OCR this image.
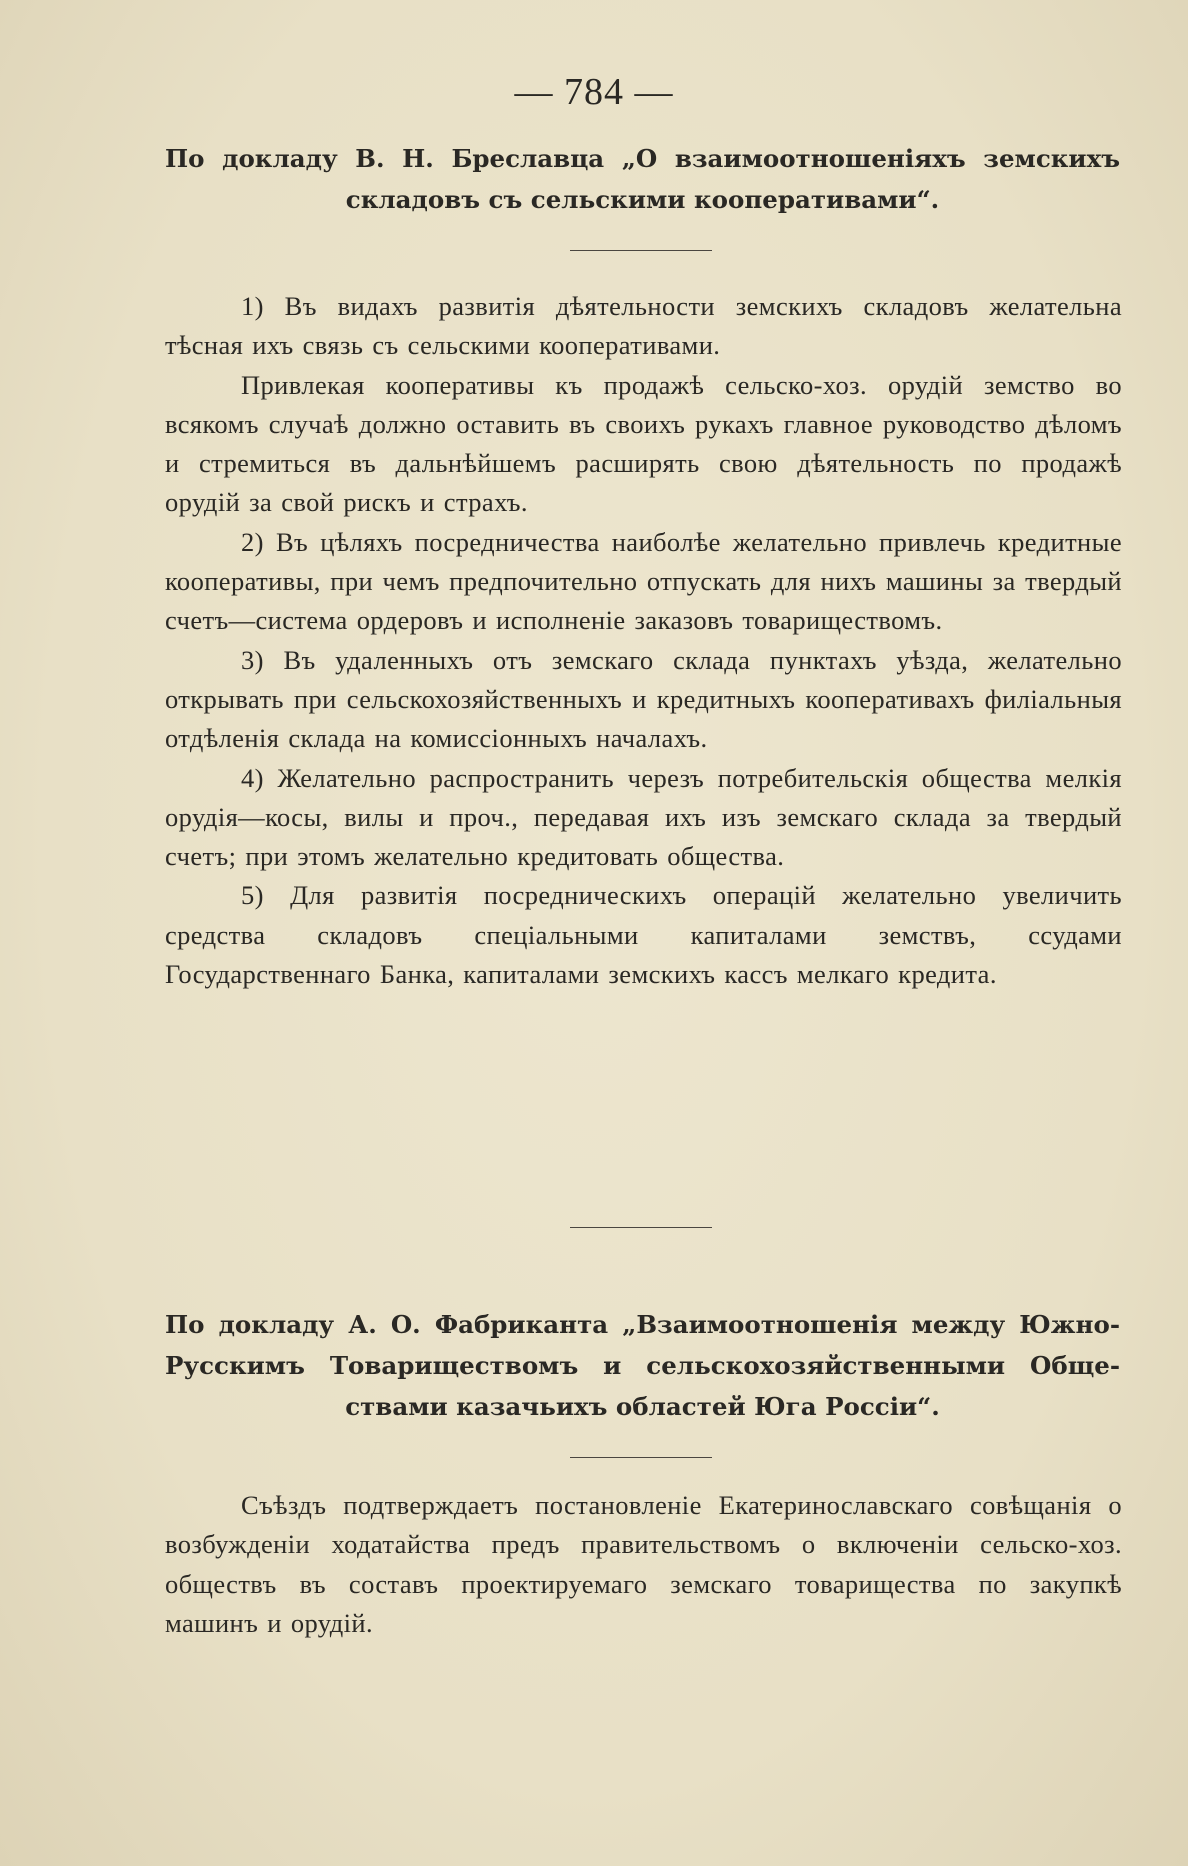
— 784 —
По докладу В. Н. Бреславца „О взаимоотношеніяхъ земскихъ
складовъ съ сельскими кооперативами“.

1) Въ видахъ развитія дѣятельности земскихъ складовъ желательна тѣсная ихъ связь съ сельскими кооперативами.

Привлекая кооперативы къ продажѣ сельско-хоз. орудій земство во всякомъ случаѣ должно оставить въ своихъ рукахъ главное руководство дѣломъ и стремиться въ дальнѣйшемъ расширять свою дѣятельность по продажѣ орудій за свой рискъ и страхъ.

2) Въ цѣляхъ посредничества наиболѣе желательно привлечь кредитные кооперативы, при чемъ предпочительно отпускать для нихъ машины за твердый счетъ—система ордеровъ и исполненіе заказовъ товариществомъ.

3) Въ удаленныхъ отъ земскаго склада пунктахъ уѣзда, желательно открывать при сельскохозяйственныхъ и кредитныхъ кооперативахъ филіальныя отдѣленія склада на комиссіонныхъ началахъ.

4) Желательно распространить черезъ потребительскія общества мелкія орудія—косы, вилы и проч., передавая ихъ изъ земскаго склада за твердый счетъ; при этомъ желательно кредитовать общества.

5) Для развитія посредническихъ операцій желательно увеличить средства складовъ спеціальными капиталами земствъ, ссудами Государственнаго Банка, капиталами земскихъ кассъ мелкаго кредита.

По докладу А. О. Фабриканта „Взаимоотношенія между Южно-
Русскимъ Товариществомъ и сельскохозяйственными Обще-
ствами казачьихъ областей Юга Россіи“.

Съѣздъ подтверждаетъ постановленіе Екатеринославскаго совѣщанія о возбужденіи ходатайства предъ правительствомъ о включеніи сельско-хоз. обществъ въ составъ проектируемаго земскаго товарищества по закупкѣ машинъ и орудій.
